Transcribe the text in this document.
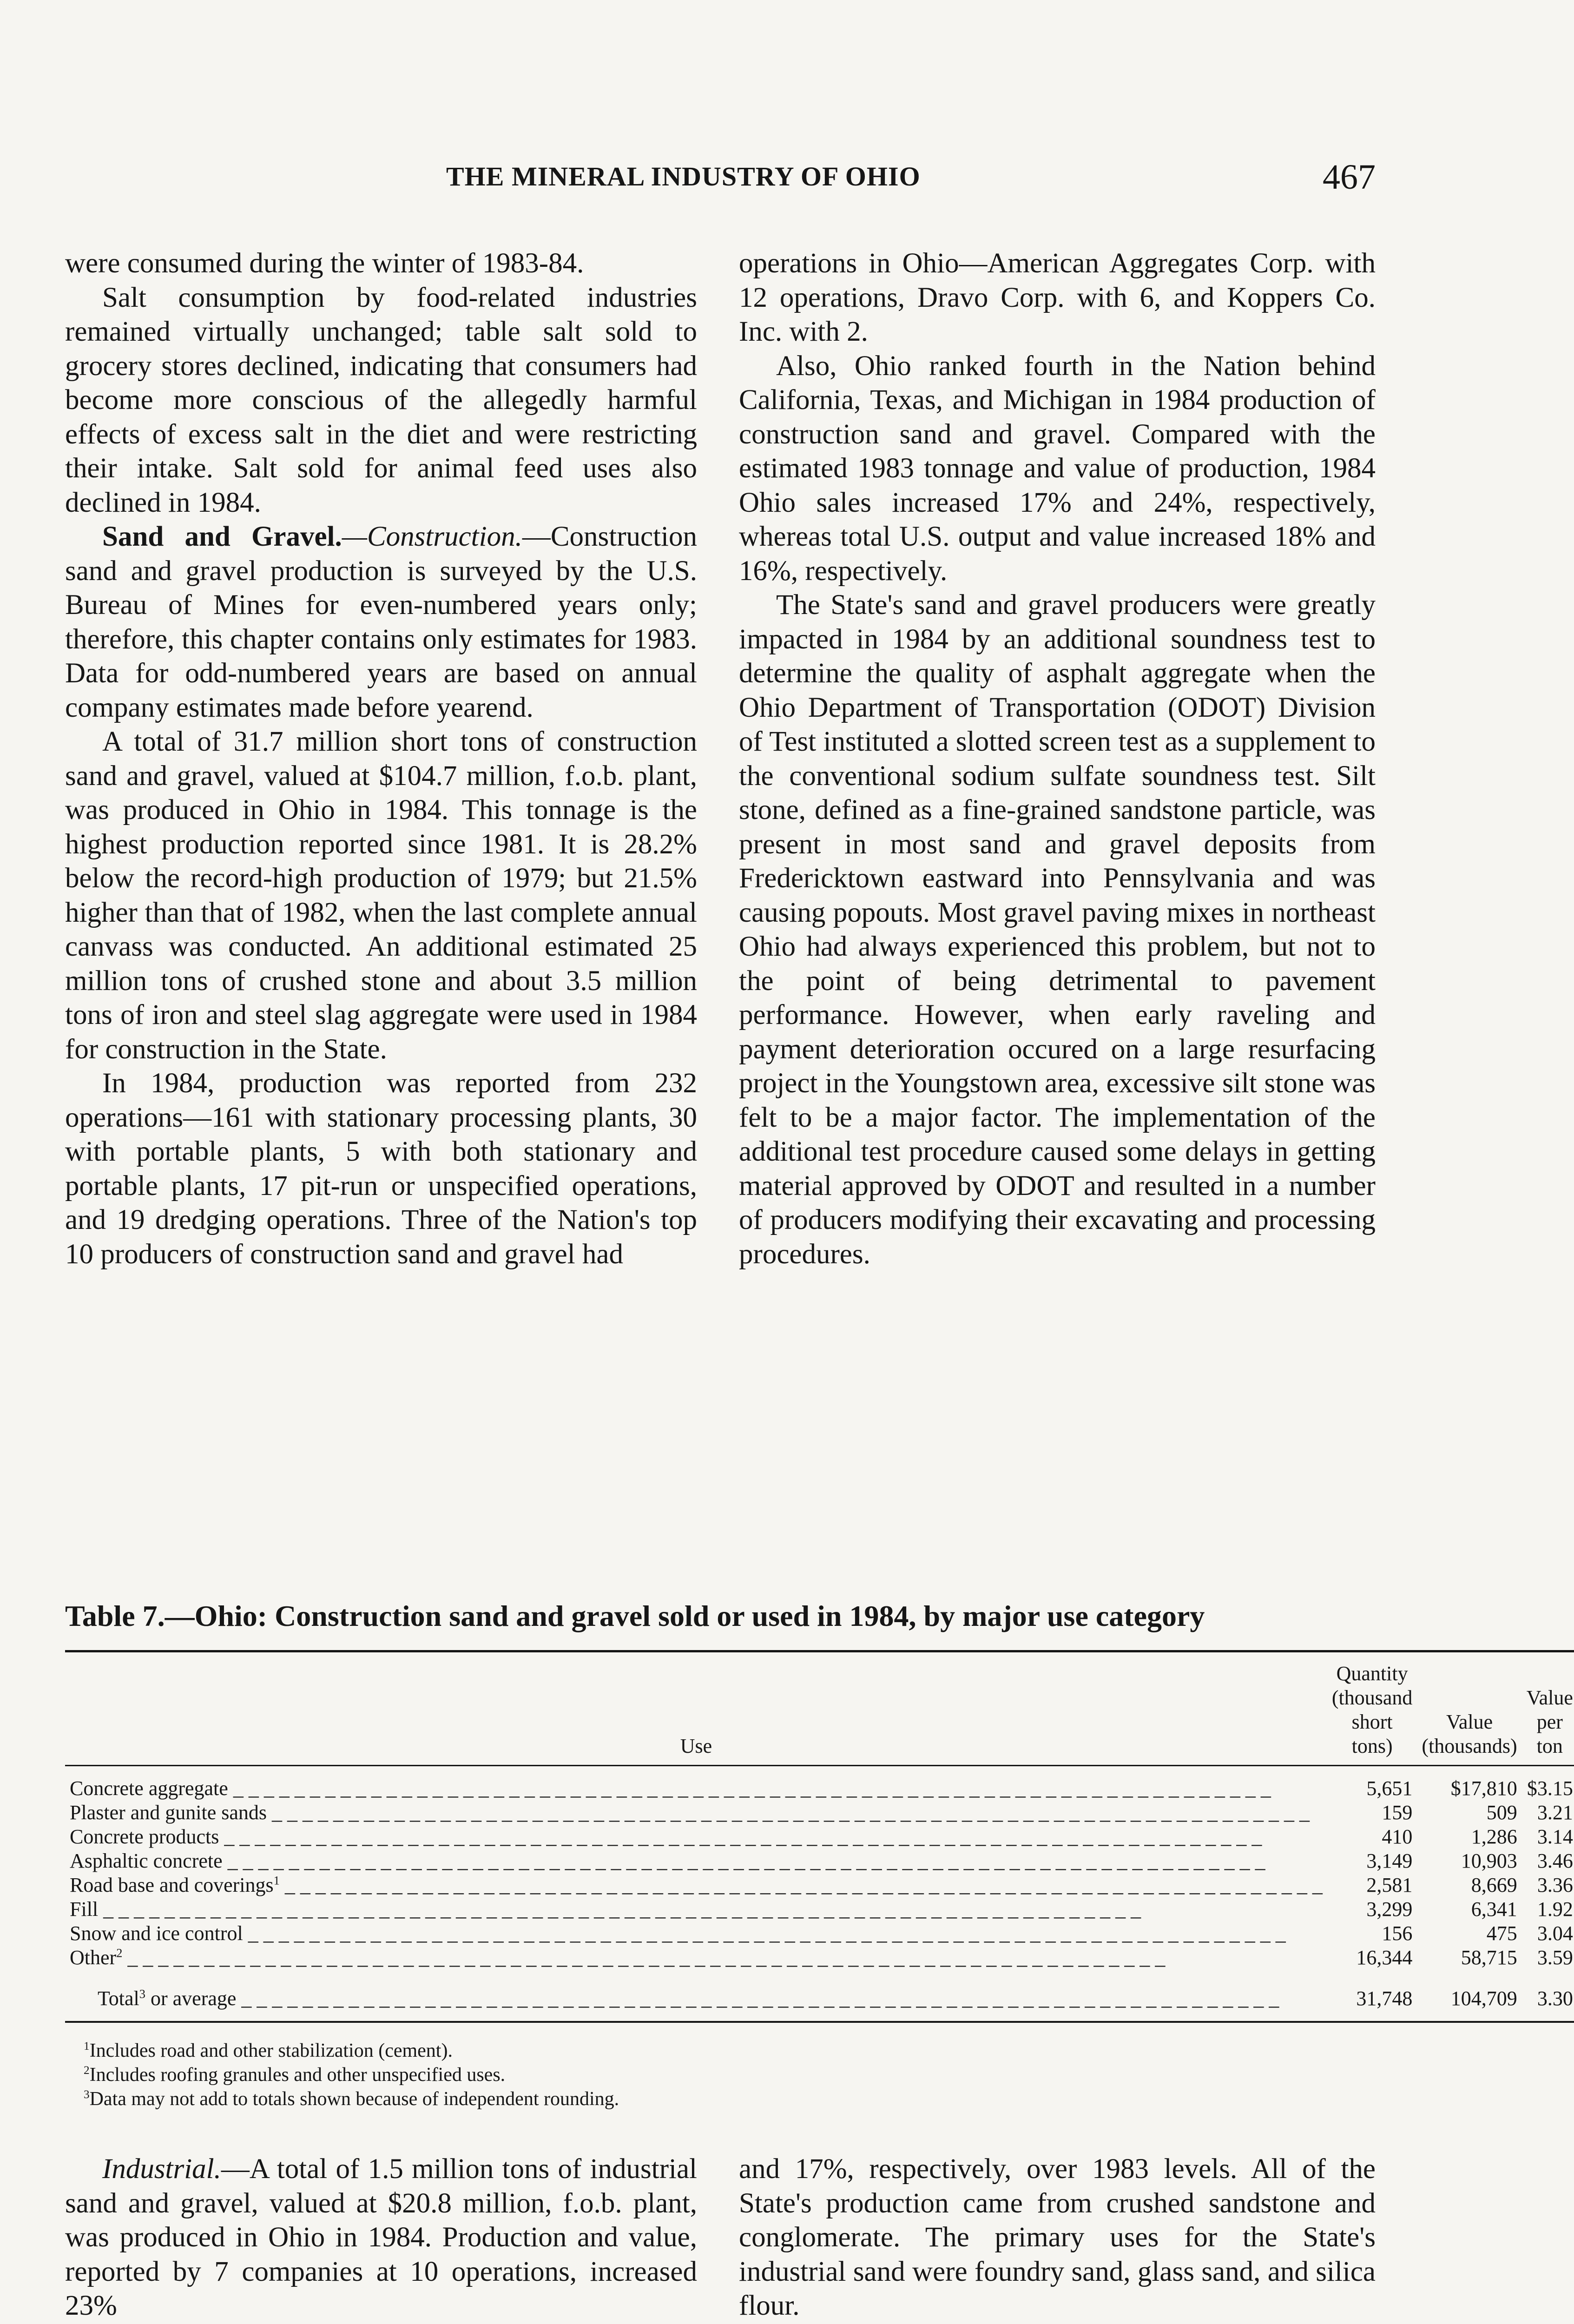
THE MINERAL INDUSTRY OF OHIO	467

were consumed during the winter of 1983-84.

Salt consumption by food-related industries remained virtually unchanged; table salt sold to grocery stores declined, indicating that consumers had become more conscious of the allegedly harmful effects of excess salt in the diet and were restricting their intake. Salt sold for animal feed uses also declined in 1984.

Sand and Gravel.—Construction.—Construction sand and gravel production is surveyed by the U.S. Bureau of Mines for even-numbered years only; therefore, this chapter contains only estimates for 1983. Data for odd-numbered years are based on annual company estimates made before yearend.

A total of 31.7 million short tons of construction sand and gravel, valued at $104.7 million, f.o.b. plant, was produced in Ohio in 1984. This tonnage is the highest production reported since 1981. It is 28.2% below the record-high production of 1979; but 21.5% higher than that of 1982, when the last complete annual canvass was conducted. An additional estimated 25 million tons of crushed stone and about 3.5 million tons of iron and steel slag aggregate were used in 1984 for construction in the State.

In 1984, production was reported from 232 operations—161 with stationary processing plants, 30 with portable plants, 5 with both stationary and portable plants, 17 pit-run or unspecified operations, and 19 dredging operations. Three of the Nation's top 10 producers of construction sand and gravel had

operations in Ohio—American Aggregates Corp. with 12 operations, Dravo Corp. with 6, and Koppers Co. Inc. with 2.

Also, Ohio ranked fourth in the Nation behind California, Texas, and Michigan in 1984 production of construction sand and gravel. Compared with the estimated 1983 tonnage and value of production, 1984 Ohio sales increased 17% and 24%, respectively, whereas total U.S. output and value increased 18% and 16%, respectively.

The State's sand and gravel producers were greatly impacted in 1984 by an additional soundness test to determine the quality of asphalt aggregate when the Ohio Department of Transportation (ODOT) Division of Test instituted a slotted screen test as a supplement to the conventional sodium sulfate soundness test. Silt stone, defined as a fine-grained sandstone particle, was present in most sand and gravel deposits from Fredericktown eastward into Pennsylvania and was causing popouts. Most gravel paving mixes in northeast Ohio had always experienced this problem, but not to the point of being detrimental to pavement performance. However, when early raveling and payment deterioration occured on a large resurfacing project in the Youngstown area, excessive silt stone was felt to be a major factor. The implementation of the additional test procedure caused some delays in getting material approved by ODOT and resulted in a number of producers modifying their excavating and processing procedures.

Table 7.—Ohio: Construction sand and gravel sold or used in 1984, by major use category
Use	Quantity (thousand short tons)	Value (thousands)	Value per ton
Concrete aggregate _ _ _	5,651	$17,810	$3.15
Plaster and gunite sands _ _ _	159	509	3.21
Concrete products _ _ _	410	1,286	3.14
Asphaltic concrete _ _ _	3,149	10,903	3.46
Road base and coverings$^1$ _ _ _	2,581	8,669	3.36
Fill _ _ _	3,299	6,341	1.92
Snow and ice control _ _ _	156	475	3.04
Other$^2$ _ _ _	16,344	58,715	3.59
Total$^3$ or average _ _ _	31,748	104,709	3.30
$^1$Includes road and other stabilization (cement).
$^2$Includes roofing granules and other unspecified uses.
$^3$Data may not add to totals shown because of independent rounding.

Industrial.—A total of 1.5 million tons of industrial sand and gravel, valued at $20.8 million, f.o.b. plant, was produced in Ohio in 1984. Production and value, reported by 7 companies at 10 operations, increased 23%

and 17%, respectively, over 1983 levels. All of the State's production came from crushed sandstone and conglomerate. The primary uses for the State's industrial sand were foundry sand, glass sand, and silica flour.
